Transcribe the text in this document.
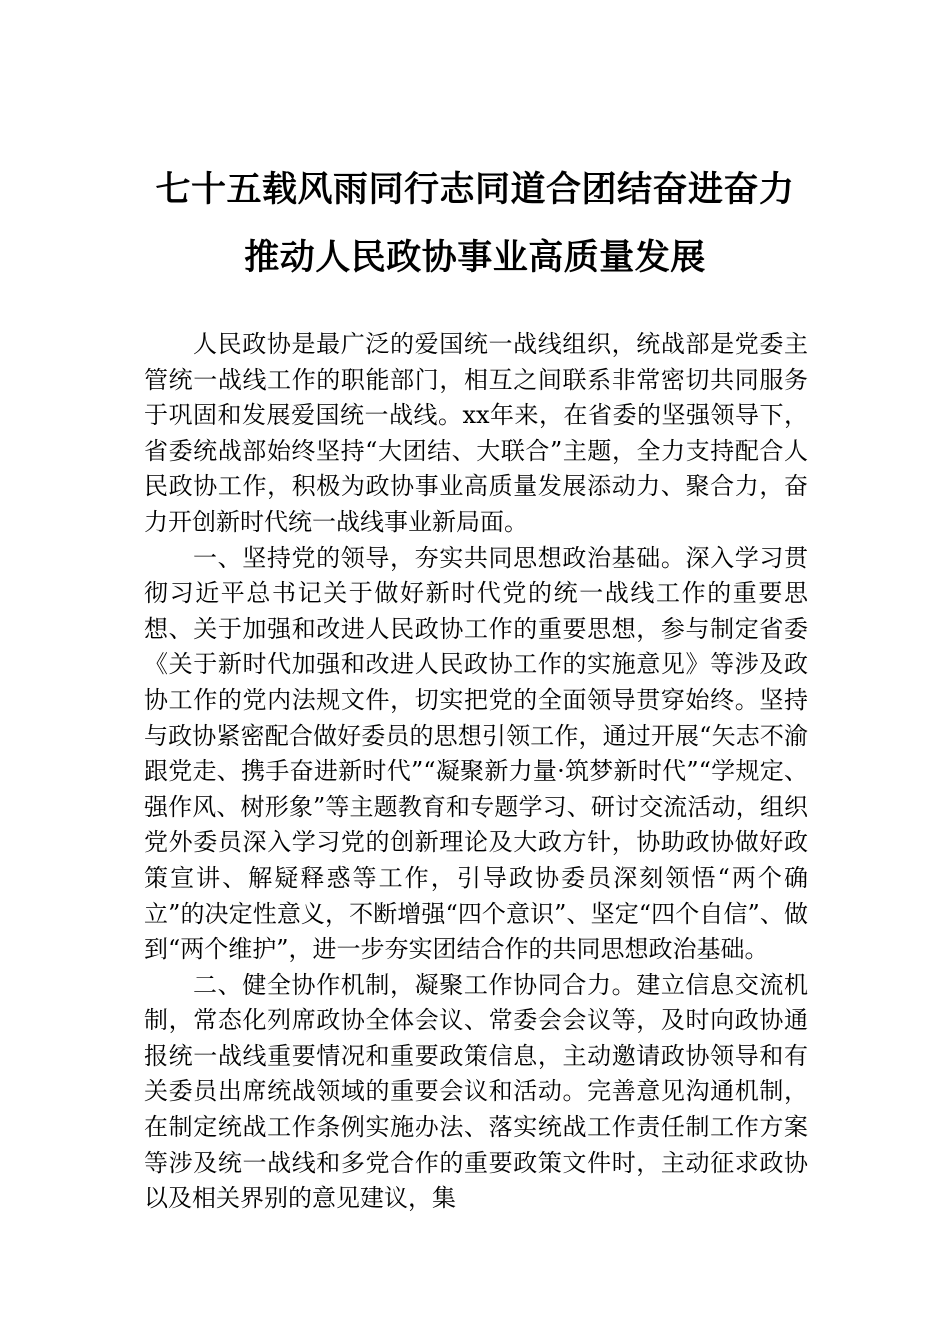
七十五载风雨同行志同道合团结奋进奋力
推动人民政协事业高质量发展

人民政协是最广泛的爱国统一战线组织，统战部是党委主管统一战线工作的职能部门，相互之间联系非常密切共同服务于巩固和发展爱国统一战线。xx年来，在省委的坚强领导下，省委统战部始终坚持“大团结、大联合”主题，全力支持配合人民政协工作，积极为政协事业高质量发展添动力、聚合力，奋力开创新时代统一战线事业新局面。

一、坚持党的领导，夯实共同思想政治基础。深入学习贯彻习近平总书记关于做好新时代党的统一战线工作的重要思想、关于加强和改进人民政协工作的重要思想，参与制定省委《关于新时代加强和改进人民政协工作的实施意见》等涉及政协工作的党内法规文件，切实把党的全面领导贯穿始终。坚持与政协紧密配合做好委员的思想引领工作，通过开展“矢志不渝跟党走、携手奋进新时代”“凝聚新力量·筑梦新时代”“学规定、强作风、树形象”等主题教育和专题学习、研讨交流活动，组织党外委员深入学习党的创新理论及大政方针，协助政协做好政策宣讲、解疑释惑等工作，引导政协委员深刻领悟“两个确立”的决定性意义，不断增强“四个意识”、坚定“四个自信”、做到“两个维护”，进一步夯实团结合作的共同思想政治基础。

二、健全协作机制，凝聚工作协同合力。建立信息交流机制，常态化列席政协全体会议、常委会会议等，及时向政协通报统一战线重要情况和重要政策信息，主动邀请政协领导和有关委员出席统战领域的重要会议和活动。完善意见沟通机制，在制定统战工作条例实施办法、落实统战工作责任制工作方案等涉及统一战线和多党合作的重要政策文件时，主动征求政协以及相关界别的意见建议，集
